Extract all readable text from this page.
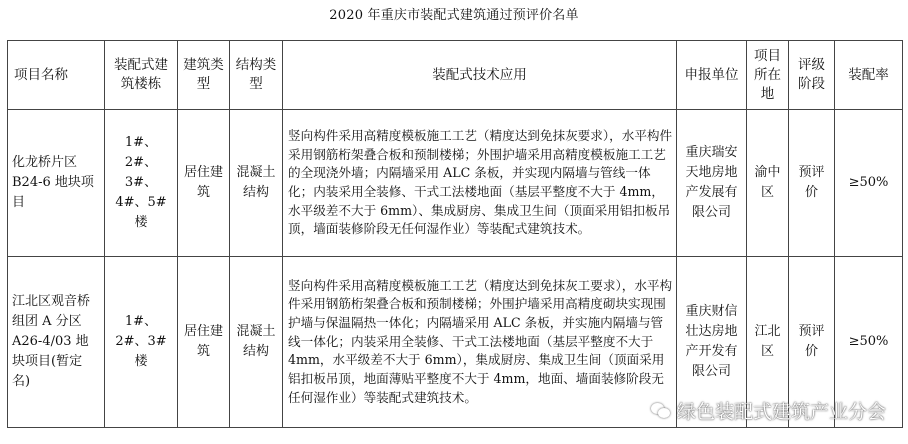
2020 年重庆市装配式建筑通过预评价名单
项目名称	装配式建筑楼栋	建筑类型	结构类型	装配式技术应用	申报单位	项目所在地	评级阶段	装配率
化龙桥片区 B24-6 地块项目	1#、2#、3#、4#、5#楼	居住建筑	混凝土结构	竖向构件采用高精度模板施工工艺（精度达到免抹灰要求），水平构件采用钢筋桁架叠合板和预制楼梯；外围护墙采用高精度模板施工工艺的全现浇外墙；内隔墙采用 ALC 条板，并实现内隔墙与管线一体化；内装采用全装修、干式工法楼地面（基层平整度不大于 4mm，水平级差不大于 6mm）、集成厨房、集成卫生间（顶面采用铝扣板吊顶，墙面装修阶段无任何湿作业）等装配式建筑技术。	重庆瑞安天地房地产发展有限公司	渝中区	预评价	≥50%
江北区观音桥组团 A 分区 A26-4/03 地块项目(暂定名)	1#、2#、3#楼	居住建筑	混凝土结构	竖向构件采用高精度模板施工工艺（精度达到免抹灰工要求），水平构件采用钢筋桁架叠合板和预制楼梯；外围护墙采用高精度砌块实现围护墙与保温隔热一体化；内隔墙采用 ALC 条板，并实施内隔墙与管线一体化；内装采用全装修、干式工法楼地面（基层平整度不大于 4mm，水平级差不大于 6mm），集成厨房、集成卫生间（顶面采用铝扣板吊顶，地面薄贴平整度不大于 4mm，地面、墙面装修阶段无任何湿作业）等装配式建筑技术。	重庆财信壮达房地产开发有限公司	江北区	预评价	≥50%
绿色装配式建筑产业分会
